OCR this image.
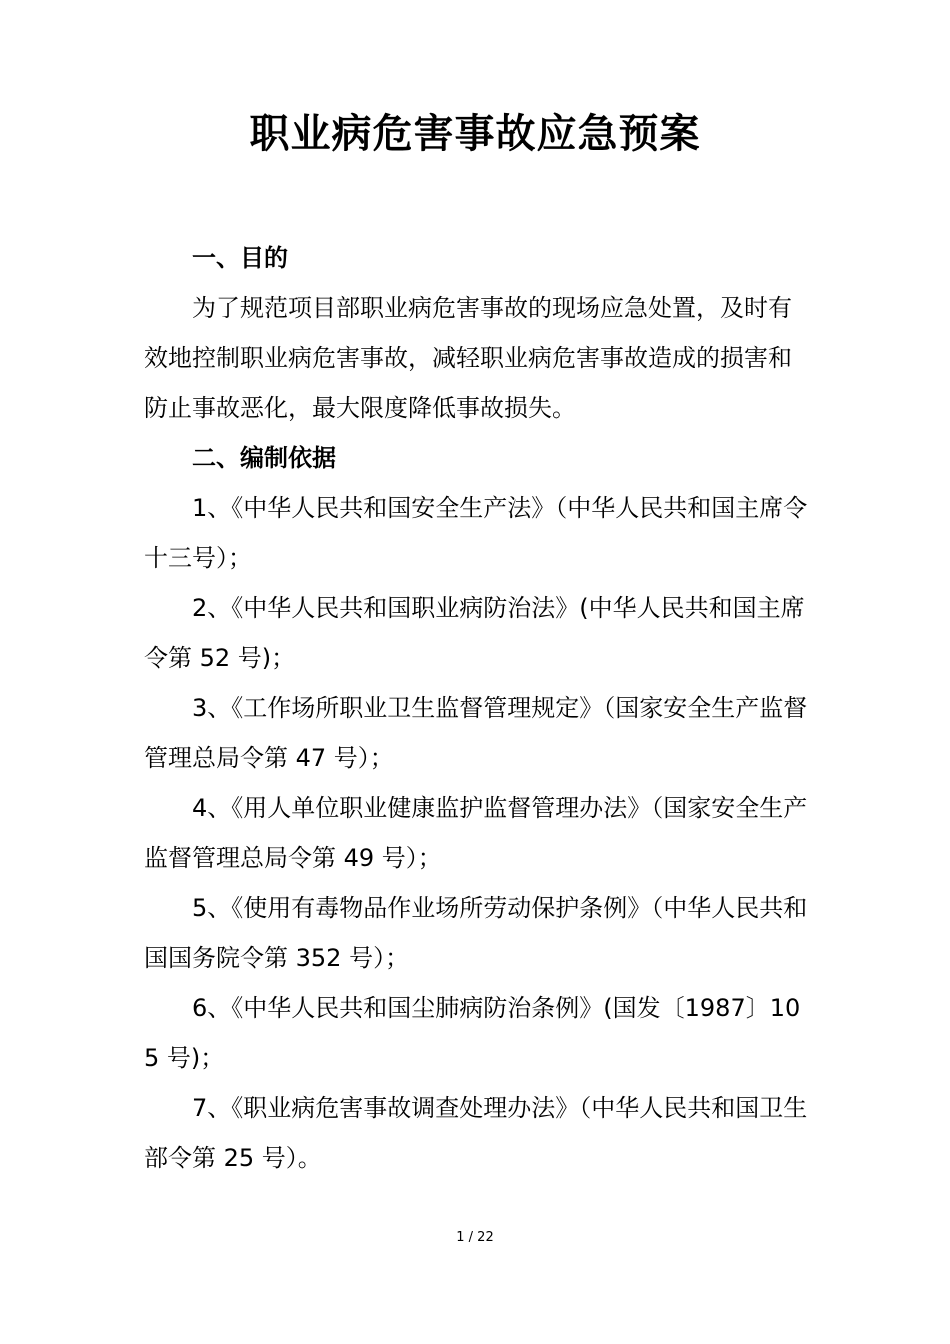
职业病危害事故应急预案

一、目的

为了规范项目部职业病危害事故的现场应急处置，及时有效地控制职业病危害事故，减轻职业病危害事故造成的损害和防止事故恶化，最大限度降低事故损失。

二、编制依据

1、《中华人民共和国安全生产法》（中华人民共和国主席令十三号）；

2、《中华人民共和国职业病防治法》(中华人民共和国主席令第 52 号)；

3、《工作场所职业卫生监督管理规定》（国家安全生产监督管理总局令第 47 号）；

4、《用人单位职业健康监护监督管理办法》（国家安全生产监督管理总局令第 49 号）；

5、《使用有毒物品作业场所劳动保护条例》（中华人民共和国国务院令第 352 号）；

6、《中华人民共和国尘肺病防治条例》(国发〔1987〕105 号)；

7、《职业病危害事故调查处理办法》（中华人民共和国卫生部令第 25 号）。

1 / 22
